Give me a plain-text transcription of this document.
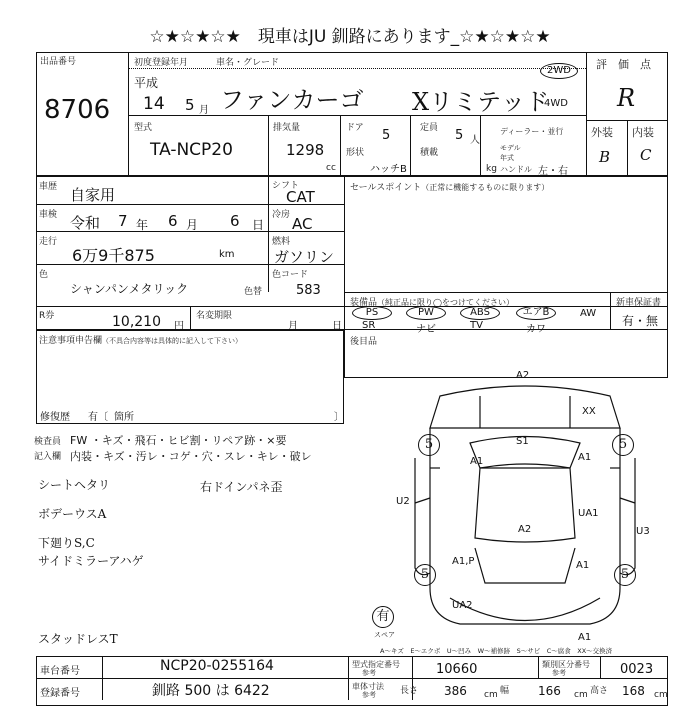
☆★☆★☆★　現車はJU 釧路にあります_☆★☆★☆★
出品番号
8706
初度登録年月
平成
14 5 月
車名・グレード
ファンカーゴ Xリミテッド
2WD
4WD
型式
TA-NCP20
排気量
1298
cc
ドア 5
形状
ハッチB
定員 5 人
積載
kg
ディーラー・並行
モデル年式
ハンドル 左・右
評　価　点
R
外装 内装
B C
車歴 自家用
車検 令和 7 年 6 月 6 日
走行
6万9千875	km
シフト
CAT
冷房 AC
燃料
ガソリン
色
シャンパンメタリック	色替
色コード
583
R券	10,210 円
名変期限
月	日
セールスポイント（正常に機能するものに限ります）
装備品（純正品に限り◯をつけてください）
PS
SR
PW
ナビ
ABS
TV
エアB
カワ
AW
新車保証書
有・無
注意事項申告欄（不具合内容等は具体的に記入して下さい）
修復歴 有〔 箇所	〕
後目品
検査員 FW ・キズ・飛石・ヒビ割・リペア跡・×要
記入欄 内装・キズ・汚レ・コゲ・穴・スレ・キレ・破レ
シートヘタリ	右ドインパネ歪
ボデーウスA
下廻りS,C
サイドミラーアハゲ
スタッドレスT
A2
XX
S1
A1
A1
UA1
U2
U3
A2
A1
A1,P
UA2
A1
5	5
5	5
有
スペア
A～キズ　E～エクボ　U～凹み　W～補修跡　S～サビ　C～腐食　XX～交換済
車台番号	NCP20-0255164
登録番号	釧路 500 は 6422
型式指定番号
参考	10660	類別区分番号
参考	0023
車体寸法
参考	長さ 386 cm 幅 166 cm 高さ 168 cm
